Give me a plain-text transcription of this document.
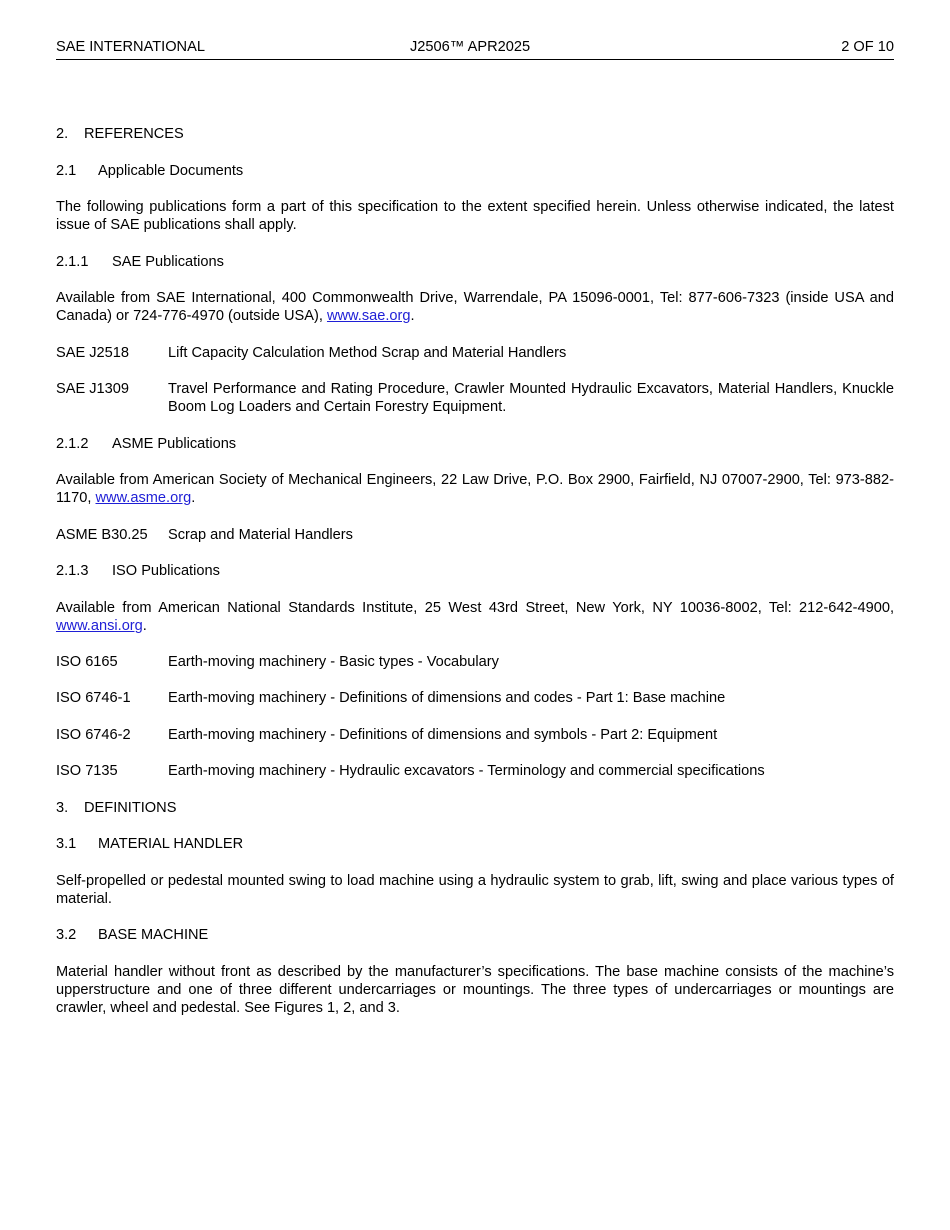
SAE INTERNATIONAL	J2506™ APR2025	2 OF 10
2. REFERENCES
2.1 Applicable Documents
The following publications form a part of this specification to the extent specified herein. Unless otherwise indicated, the latest issue of SAE publications shall apply.
2.1.1 SAE Publications
Available from SAE International, 400 Commonwealth Drive, Warrendale, PA 15096-0001, Tel: 877-606-7323 (inside USA and Canada) or 724-776-4970 (outside USA), www.sae.org.
SAE J2518	Lift Capacity Calculation Method Scrap and Material Handlers
SAE J1309	Travel Performance and Rating Procedure, Crawler Mounted Hydraulic Excavators, Material Handlers, Knuckle Boom Log Loaders and Certain Forestry Equipment.
2.1.2 ASME Publications
Available from American Society of Mechanical Engineers, 22 Law Drive, P.O. Box 2900, Fairfield, NJ 07007-2900, Tel: 973-882-1170, www.asme.org.
ASME B30.25 Scrap and Material Handlers
2.1.3 ISO Publications
Available from American National Standards Institute, 25 West 43rd Street, New York, NY 10036-8002, Tel: 212-642-4900, www.ansi.org.
ISO 6165	Earth-moving machinery - Basic types - Vocabulary
ISO 6746-1	Earth-moving machinery - Definitions of dimensions and codes - Part 1: Base machine
ISO 6746-2	Earth-moving machinery - Definitions of dimensions and symbols - Part 2: Equipment
ISO 7135	Earth-moving machinery - Hydraulic excavators - Terminology and commercial specifications
3. DEFINITIONS
3.1 MATERIAL HANDLER
Self-propelled or pedestal mounted swing to load machine using a hydraulic system to grab, lift, swing and place various types of material.
3.2 BASE MACHINE
Material handler without front as described by the manufacturer’s specifications. The base machine consists of the machine’s upperstructure and one of three different undercarriages or mountings. The three types of undercarriages or mountings are crawler, wheel and pedestal. See Figures 1, 2, and 3.
